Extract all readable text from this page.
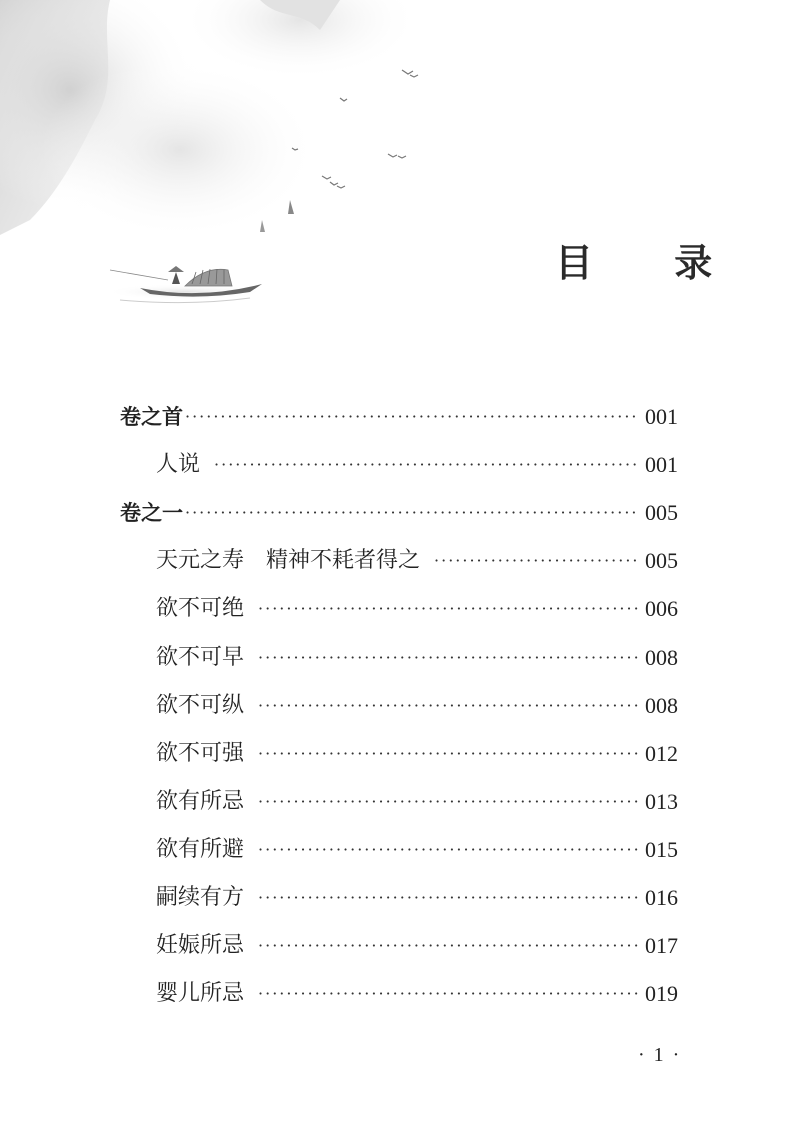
目 录
卷之首 ·····	001
人说 ·····	001
卷之一 ·····	005
天元之寿　精神不耗者得之 ·····	005
欲不可绝 ·····	006
欲不可早 ·····	008
欲不可纵 ·····	008
欲不可强 ·····	012
欲有所忌 ·····	013
欲有所避 ·····	015
嗣续有方 ·····	016
妊娠所忌 ·····	017
婴儿所忌 ·····	019
· 1 ·
